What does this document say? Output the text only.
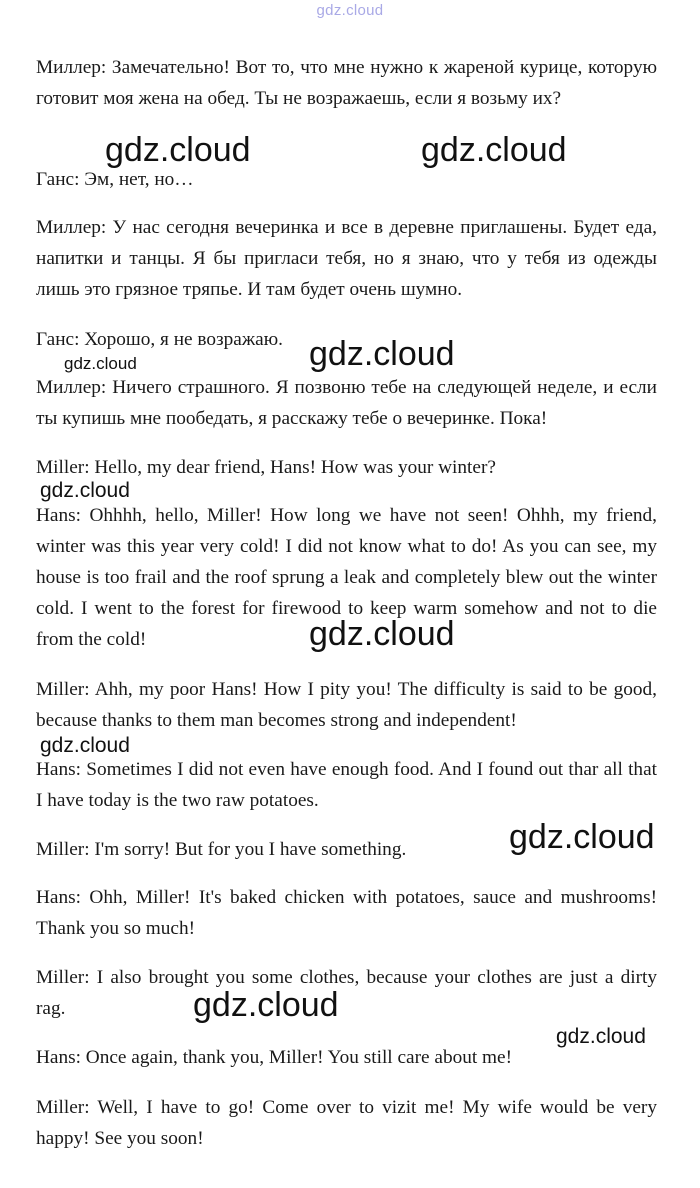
gdz.cloud

Миллер: Замечательно! Вот то, что мне нужно к жареной курице, которую готовит моя жена на обед. Ты не возражаешь, если я возьму их?

Ганс: Эм, нет, но…

Миллер: У нас сегодня вечеринка и все в деревне приглашены. Будет еда, напитки и танцы. Я бы приглаcи тебя, но я знаю, что у тебя из одежды лишь это грязное тряпье. И там будет очень шумно.

Ганс: Хорошо, я не возражаю.

Миллер: Ничего страшного. Я позвоню тебе на следующей неделе, и если ты купишь мне пообедать, я расскажу тебе о вечеринке. Пока!

Miller: Hello, my dear friend, Hans! How was your winter?

Hans: Ohhhh, hello, Miller! How long we have not seen! Ohhh, my friend, winter was this year very cold! I did not know what to do! As you can see, my house is too frail and the roof sprung a leak and completely blew out the winter cold. I went to the forest for firewood to keep warm somehow and not to die from the cold!

Miller: Ahh, my poor Hans! How I pity you! The difficulty is said to be good, because thanks to them man becomes strong and independent!

Hans: Sometimes I did not even have enough food. And I found out thar all that I have today is the two raw potatoes.

Miller: I'm sorry! But for you I have something.

Hans: Ohh, Miller! It's baked chicken with potatoes, sauce and mushrooms! Thank you so much!

Miller: I also brought you some clothes, because your clothes are just a dirty rag.

Hans: Once again, thank you, Miller! You still care about me!

Miller: Well, I have to go! Come over to vizit me! My wife would be very happy! See you soon!

gdz.cloud	gdz.cloud
gdz.cloud	gdz.cloud
gdz.cloud
gdz.cloud
gdz.cloud
gdz.cloud
gdz.cloud
gdz.cloud
